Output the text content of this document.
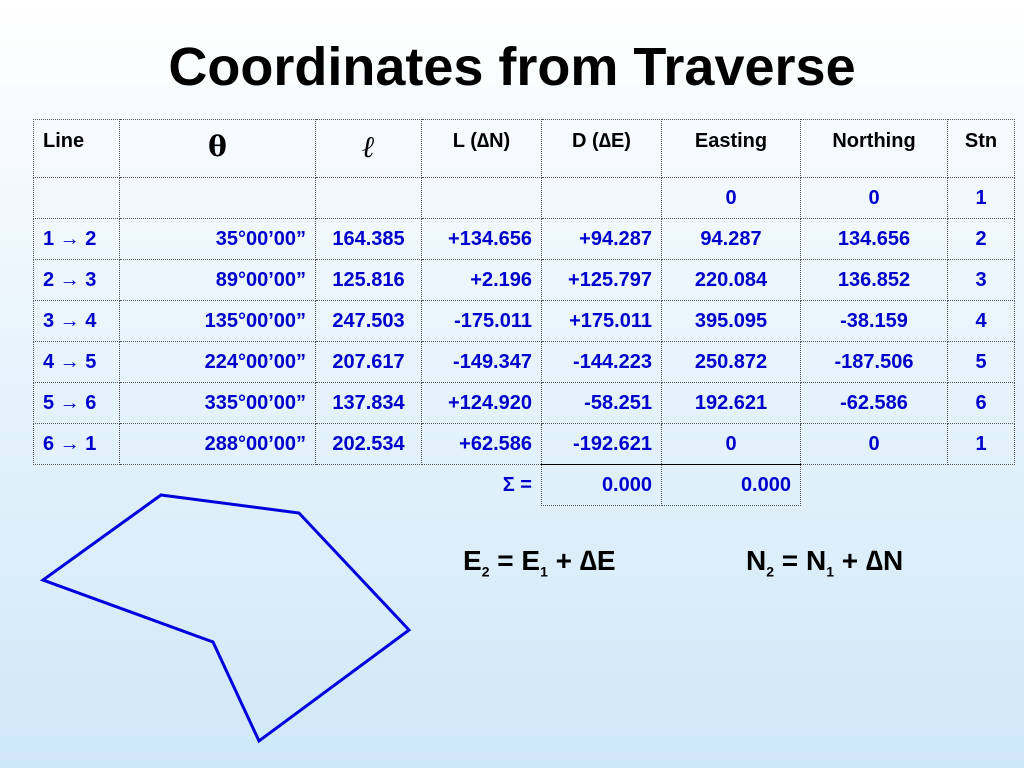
Coordinates from Traverse
Line	θ	ℓ	L (∆N)	D (∆E)	Easting	Northing	Stn
					0	0	1
1 → 2	35°00’00”	164.385	+134.656	+94.287	94.287	134.656	2
2 → 3	89°00’00”	125.816	+2.196	+125.797	220.084	136.852	3
3 → 4	135°00’00”	247.503	-175.011	+175.011	395.095	-38.159	4
4 → 5	224°00’00”	207.617	-149.347	-144.223	250.872	-187.506	5
5 → 6	335°00’00”	137.834	+124.920	-58.251	192.621	-62.586	6
6 → 1	288°00’00”	202.534	+62.586	-192.621	0	0	1
			Σ =	0.000	0.000		
$E_2 = E_1 + \Delta E$	$N_2 = N_1 + \Delta N$
